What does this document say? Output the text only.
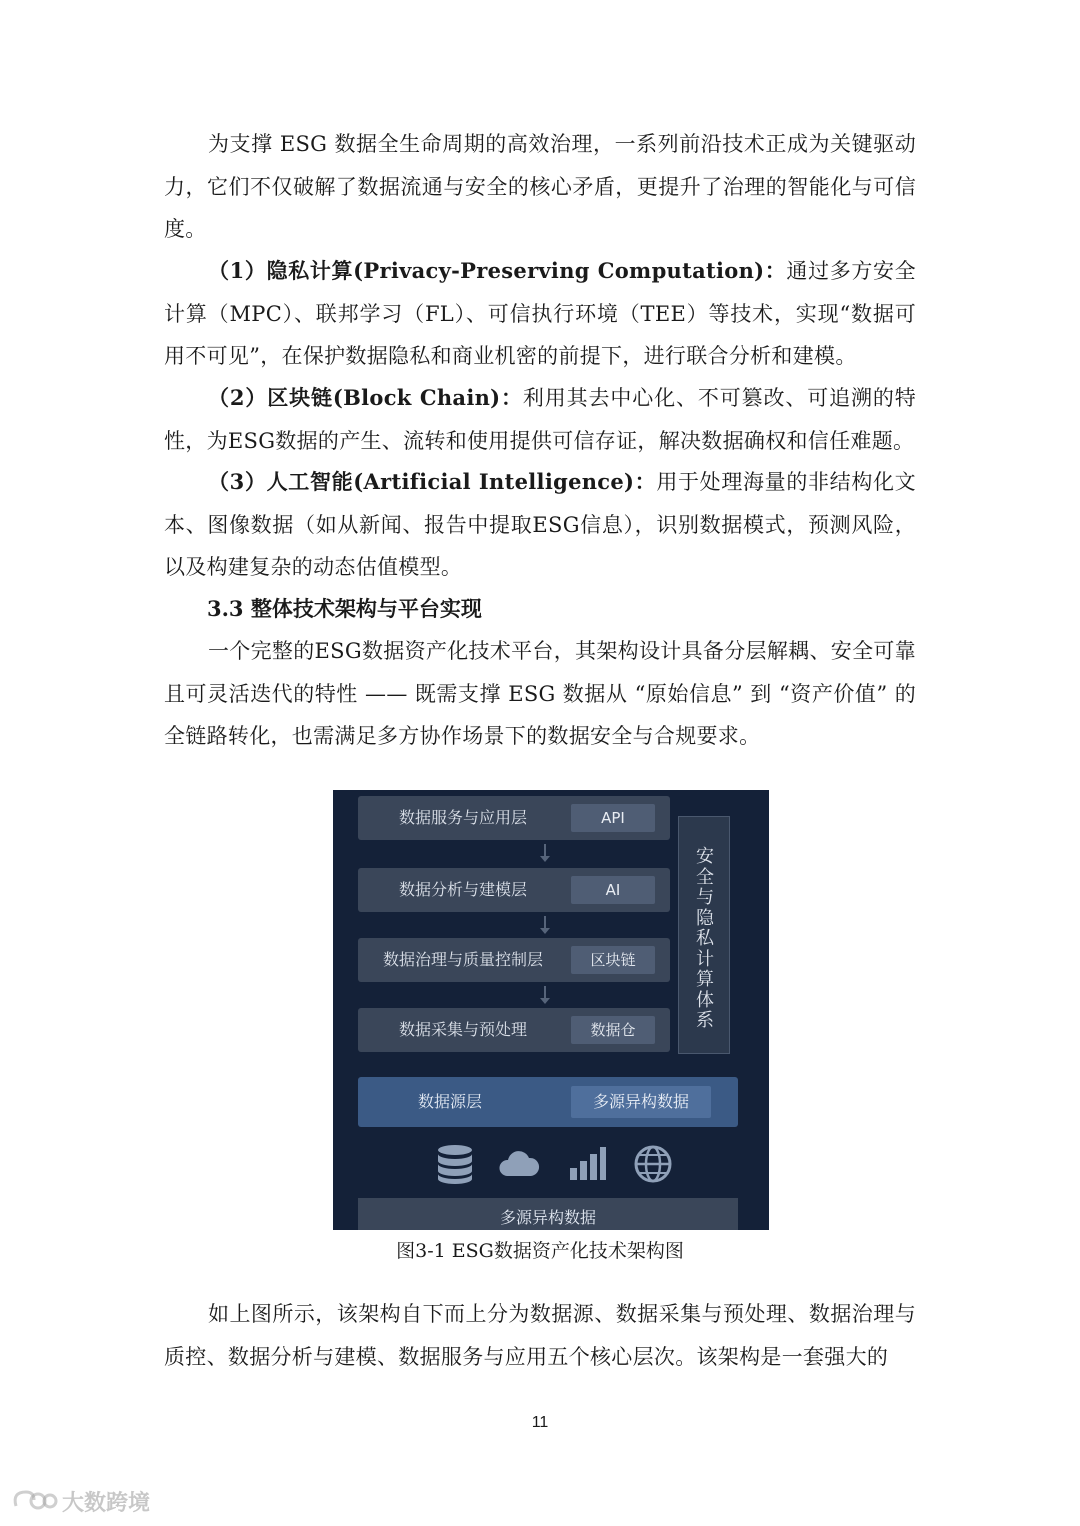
为支撑 ESG 数据全生命周期的高效治理，一系列前沿技术正成为关键驱动力，它们不仅破解了数据流通与安全的核心矛盾，更提升了治理的智能化与可信度。

（1）隐私计算(Privacy-Preserving Computation)：通过多方安全计算（MPC）、联邦学习（FL）、可信执行环境（TEE）等技术，实现“数据可用不可见”，在保护数据隐私和商业机密的前提下，进行联合分析和建模。

（2）区块链(Block Chain)：利用其去中心化、不可篡改、可追溯的特性，为ESG数据的产生、流转和使用提供可信存证，解决数据确权和信任难题。

（3）人工智能(Artificial Intelligence)：用于处理海量的非结构化文本、图像数据（如从新闻、报告中提取ESG信息），识别数据模式，预测风险，以及构建复杂的动态估值模型。

3.3 整体技术架构与平台实现

一个完整的ESG数据资产化技术平台，其架构设计具备分层解耦、安全可靠且可灵活迭代的特性 —— 既需支撑 ESG 数据从 “原始信息” 到 “资产价值” 的全链路转化，也需满足多方协作场景下的数据安全与合规要求。

数据服务与应用层	API
数据分析与建模层	AI
数据治理与质量控制层	区块链
数据采集与预处理	数据仓
安全与隐私计算体系
数据源层	多源异构数据
多源异构数据

图3-1 ESG数据资产化技术架构图

如上图所示，该架构自下而上分为数据源、数据采集与预处理、数据治理与质控、数据分析与建模、数据服务与应用五个核心层次。该架构是一套强大的

11
大数跨境
